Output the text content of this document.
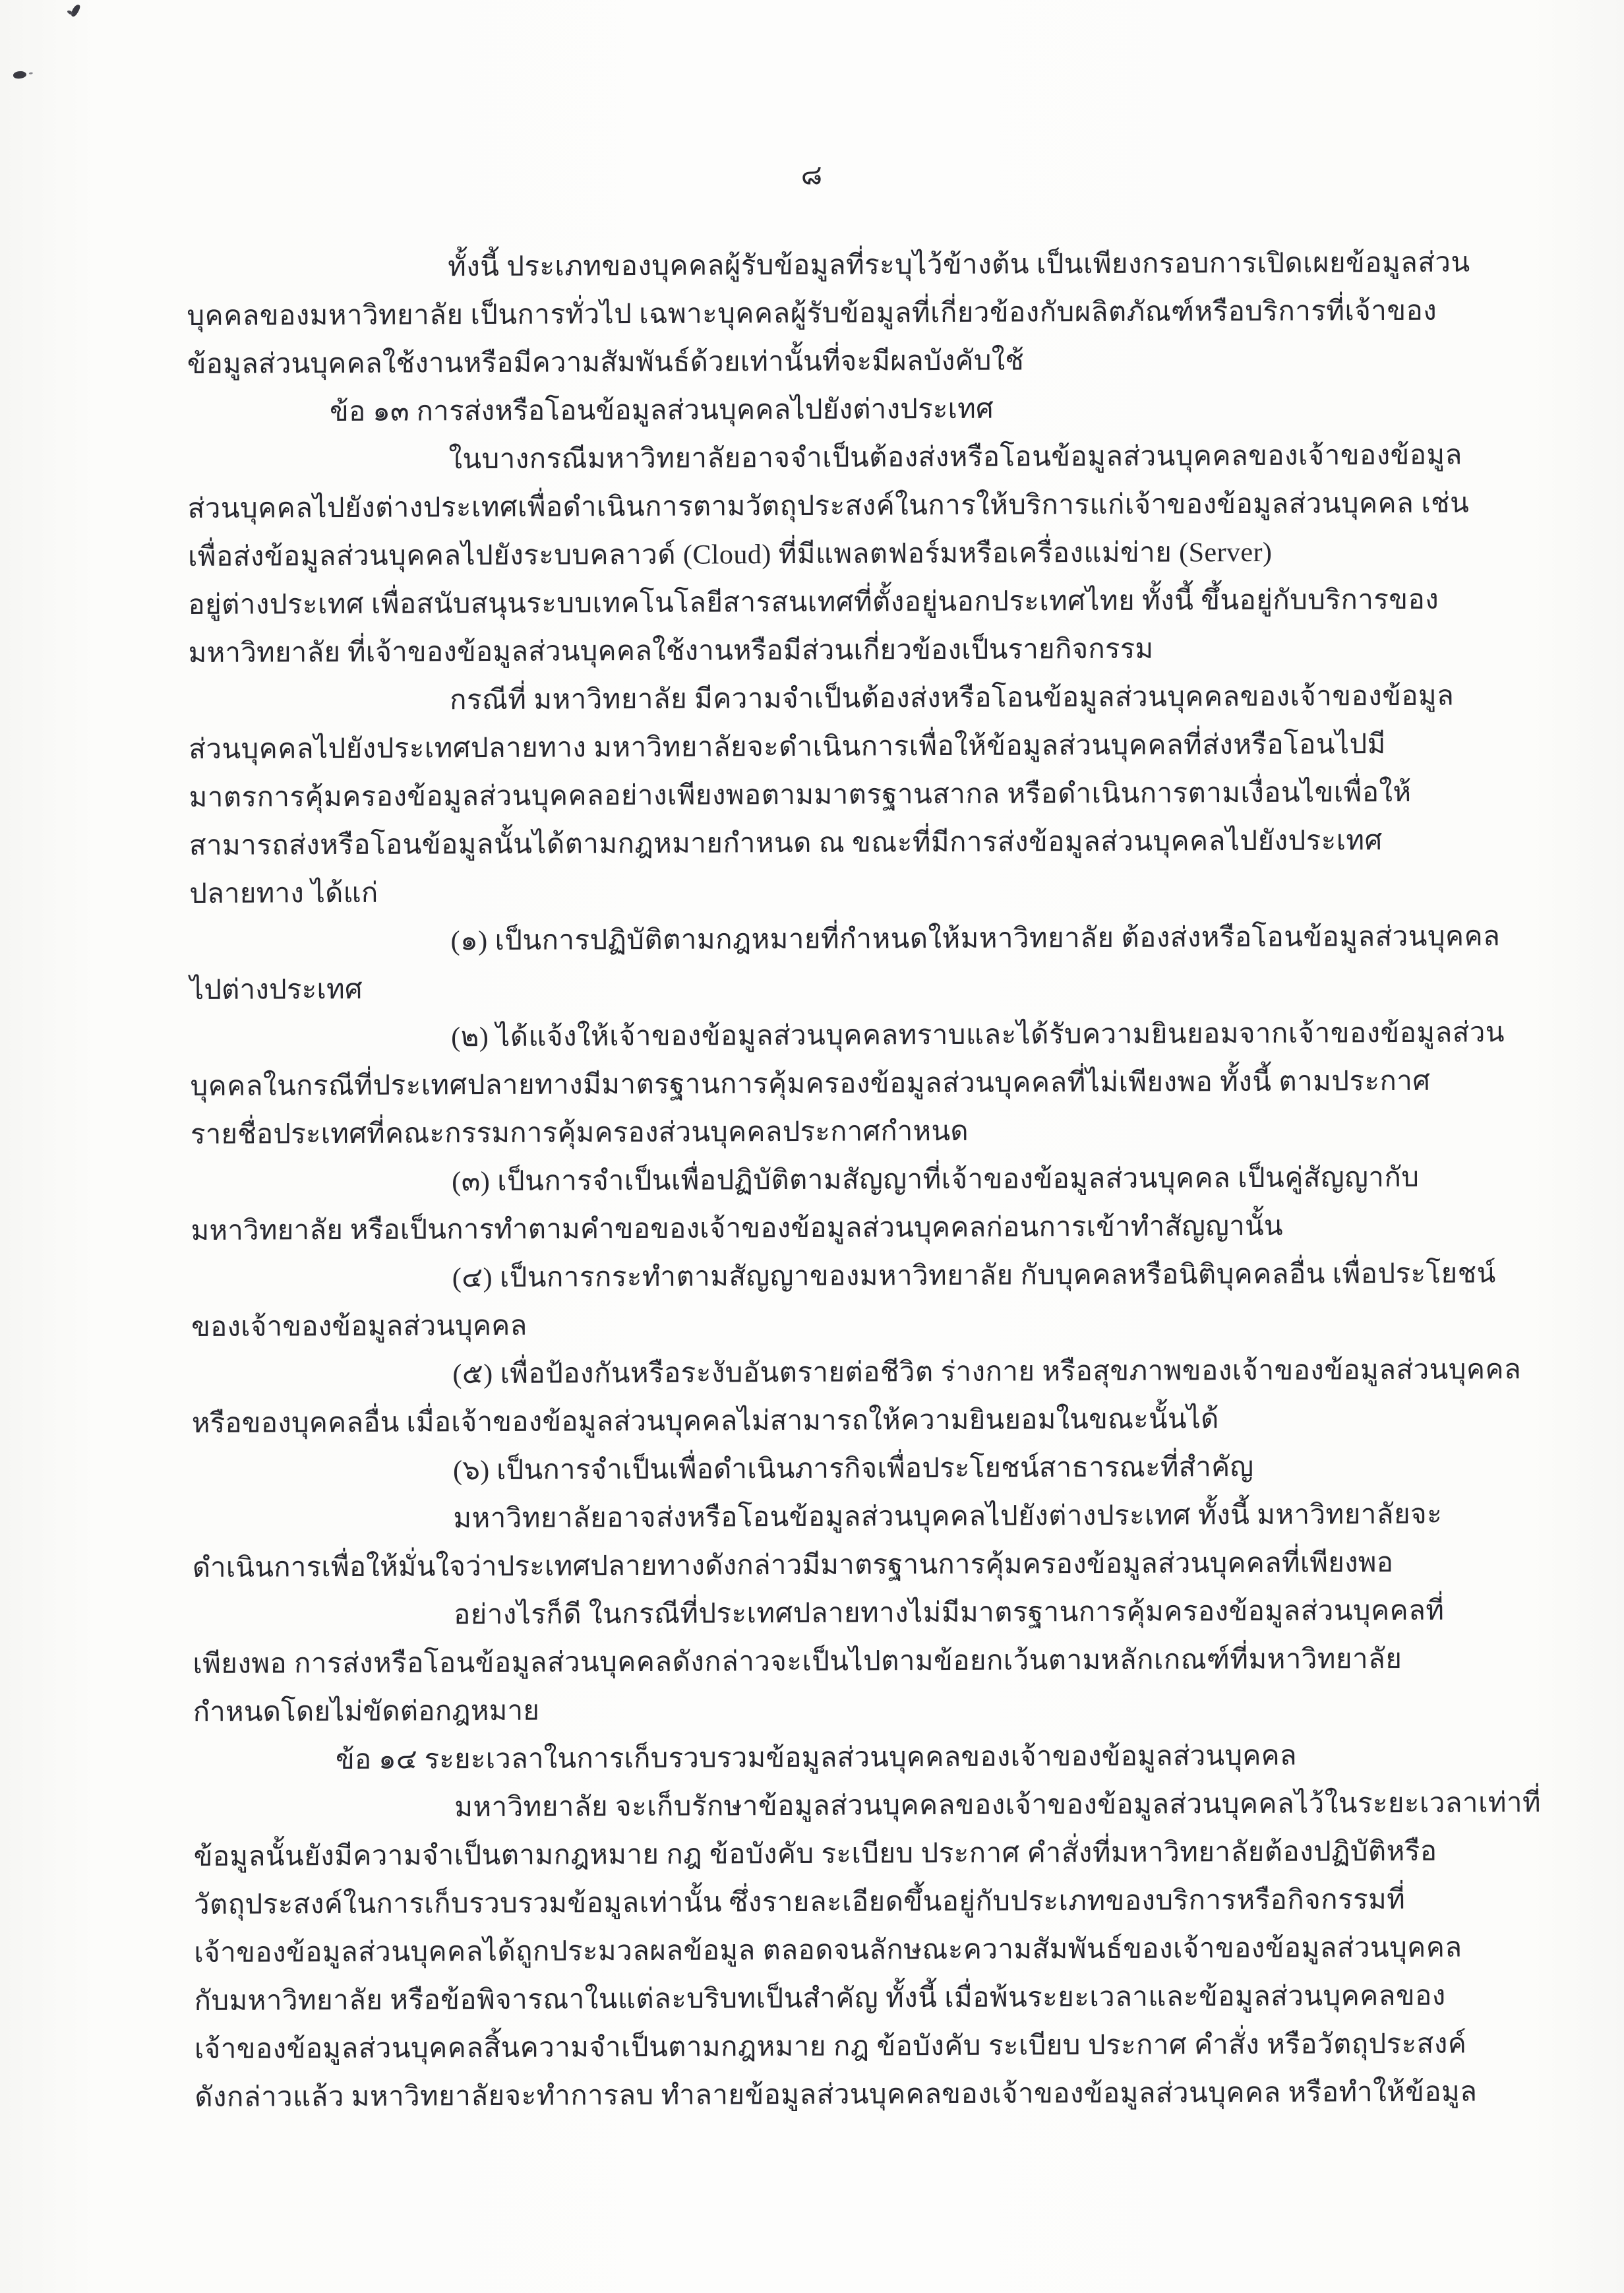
๘
ทั้งนี้ ประเภทของบุคคลผู้รับข้อมูลที่ระบุไว้ข้างต้น เป็นเพียงกรอบการเปิดเผยข้อมูลส่วน
บุคคลของมหาวิทยาลัย เป็นการทั่วไป เฉพาะบุคคลผู้รับข้อมูลที่เกี่ยวข้องกับผลิตภัณฑ์หรือบริการที่เจ้าของ
ข้อมูลส่วนบุคคลใช้งานหรือมีความสัมพันธ์ด้วยเท่านั้นที่จะมีผลบังคับใช้
ข้อ ๑๓ การส่งหรือโอนข้อมูลส่วนบุคคลไปยังต่างประเทศ
ในบางกรณีมหาวิทยาลัยอาจจำเป็นต้องส่งหรือโอนข้อมูลส่วนบุคคลของเจ้าของข้อมูล
ส่วนบุคคลไปยังต่างประเทศเพื่อดำเนินการตามวัตถุประสงค์ในการให้บริการแก่เจ้าของข้อมูลส่วนบุคคล เช่น
เพื่อส่งข้อมูลส่วนบุคคลไปยังระบบคลาวด์ (Cloud) ที่มีแพลตฟอร์มหรือเครื่องแม่ข่าย (Server)
อยู่ต่างประเทศ เพื่อสนับสนุนระบบเทคโนโลยีสารสนเทศที่ตั้งอยู่นอกประเทศไทย ทั้งนี้ ขึ้นอยู่กับบริการของ
มหาวิทยาลัย ที่เจ้าของข้อมูลส่วนบุคคลใช้งานหรือมีส่วนเกี่ยวข้องเป็นรายกิจกรรม
กรณีที่ มหาวิทยาลัย มีความจำเป็นต้องส่งหรือโอนข้อมูลส่วนบุคคลของเจ้าของข้อมูล
ส่วนบุคคลไปยังประเทศปลายทาง มหาวิทยาลัยจะดำเนินการเพื่อให้ข้อมูลส่วนบุคคลที่ส่งหรือโอนไปมี
มาตรการคุ้มครองข้อมูลส่วนบุคคลอย่างเพียงพอตามมาตรฐานสากล หรือดำเนินการตามเงื่อนไขเพื่อให้
สามารถส่งหรือโอนข้อมูลนั้นได้ตามกฎหมายกำหนด ณ ขณะที่มีการส่งข้อมูลส่วนบุคคลไปยังประเทศ
ปลายทาง ได้แก่
(๑) เป็นการปฏิบัติตามกฎหมายที่กำหนดให้มหาวิทยาลัย ต้องส่งหรือโอนข้อมูลส่วนบุคคล
ไปต่างประเทศ
(๒) ได้แจ้งให้เจ้าของข้อมูลส่วนบุคคลทราบและได้รับความยินยอมจากเจ้าของข้อมูลส่วน
บุคคลในกรณีที่ประเทศปลายทางมีมาตรฐานการคุ้มครองข้อมูลส่วนบุคคลที่ไม่เพียงพอ ทั้งนี้ ตามประกาศ
รายชื่อประเทศที่คณะกรรมการคุ้มครองส่วนบุคคลประกาศกำหนด
(๓) เป็นการจำเป็นเพื่อปฏิบัติตามสัญญาที่เจ้าของข้อมูลส่วนบุคคล เป็นคู่สัญญากับ
มหาวิทยาลัย หรือเป็นการทำตามคำขอของเจ้าของข้อมูลส่วนบุคคลก่อนการเข้าทำสัญญานั้น
(๔) เป็นการกระทำตามสัญญาของมหาวิทยาลัย กับบุคคลหรือนิติบุคคลอื่น เพื่อประโยชน์
ของเจ้าของข้อมูลส่วนบุคคล
(๕) เพื่อป้องกันหรือระงับอันตรายต่อชีวิต ร่างกาย หรือสุขภาพของเจ้าของข้อมูลส่วนบุคคล
หรือของบุคคลอื่น เมื่อเจ้าของข้อมูลส่วนบุคคลไม่สามารถให้ความยินยอมในขณะนั้นได้
(๖) เป็นการจำเป็นเพื่อดำเนินภารกิจเพื่อประโยชน์สาธารณะที่สำคัญ
มหาวิทยาลัยอาจส่งหรือโอนข้อมูลส่วนบุคคลไปยังต่างประเทศ ทั้งนี้ มหาวิทยาลัยจะ
ดำเนินการเพื่อให้มั่นใจว่าประเทศปลายทางดังกล่าวมีมาตรฐานการคุ้มครองข้อมูลส่วนบุคคลที่เพียงพอ
อย่างไรก็ดี ในกรณีที่ประเทศปลายทางไม่มีมาตรฐานการคุ้มครองข้อมูลส่วนบุคคลที่
เพียงพอ การส่งหรือโอนข้อมูลส่วนบุคคลดังกล่าวจะเป็นไปตามข้อยกเว้นตามหลักเกณฑ์ที่มหาวิทยาลัย
กำหนดโดยไม่ขัดต่อกฎหมาย
ข้อ ๑๔ ระยะเวลาในการเก็บรวบรวมข้อมูลส่วนบุคคลของเจ้าของข้อมูลส่วนบุคคล
มหาวิทยาลัย จะเก็บรักษาข้อมูลส่วนบุคคลของเจ้าของข้อมูลส่วนบุคคลไว้ในระยะเวลาเท่าที่
ข้อมูลนั้นยังมีความจำเป็นตามกฎหมาย กฎ ข้อบังคับ ระเบียบ ประกาศ คำสั่งที่มหาวิทยาลัยต้องปฏิบัติหรือ
วัตถุประสงค์ในการเก็บรวบรวมข้อมูลเท่านั้น ซึ่งรายละเอียดขึ้นอยู่กับประเภทของบริการหรือกิจกรรมที่
เจ้าของข้อมูลส่วนบุคคลได้ถูกประมวลผลข้อมูล ตลอดจนลักษณะความสัมพันธ์ของเจ้าของข้อมูลส่วนบุคคล
กับมหาวิทยาลัย หรือข้อพิจารณาในแต่ละบริบทเป็นสำคัญ ทั้งนี้ เมื่อพ้นระยะเวลาและข้อมูลส่วนบุคคลของ
เจ้าของข้อมูลส่วนบุคคลสิ้นความจำเป็นตามกฎหมาย กฎ ข้อบังคับ ระเบียบ ประกาศ คำสั่ง หรือวัตถุประสงค์
ดังกล่าวแล้ว มหาวิทยาลัยจะทำการลบ ทำลายข้อมูลส่วนบุคคลของเจ้าของข้อมูลส่วนบุคคล หรือทำให้ข้อมูล
